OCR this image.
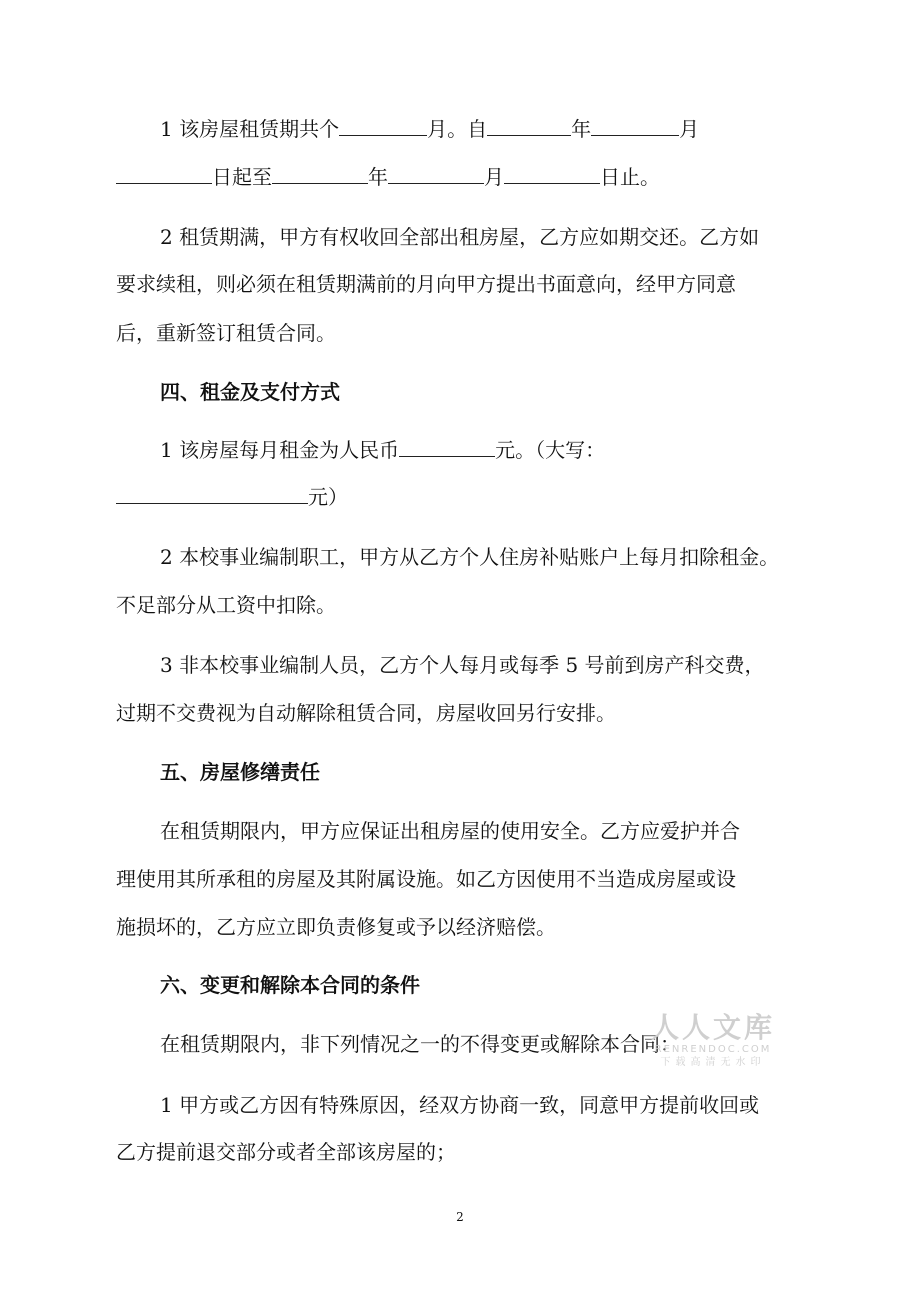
1 该房屋租赁期共个	月。自	年	月
日起至	年	月	日止。
2 租赁期满，甲方有权收回全部出租房屋，乙方应如期交还。乙方如
要求续租，则必须在租赁期满前的月向甲方提出书面意向，经甲方同意
后，重新签订租赁合同。
四、租金及支付方式
1 该房屋每月租金为人民币	元。（大写：
元）
2 本校事业编制职工，甲方从乙方个人住房补贴账户上每月扣除租金。
不足部分从工资中扣除。
3 非本校事业编制人员，乙方个人每月或每季 5 号前到房产科交费，
过期不交费视为自动解除租赁合同，房屋收回另行安排。
五、房屋修缮责任
在租赁期限内，甲方应保证出租房屋的使用安全。乙方应爱护并合
理使用其所承租的房屋及其附属设施。如乙方因使用不当造成房屋或设
施损坏的，乙方应立即负责修复或予以经济赔偿。
六、变更和解除本合同的条件
在租赁期限内，非下列情况之一的不得变更或解除本合同：
1 甲方或乙方因有特殊原因，经双方协商一致，同意甲方提前收回或
乙方提前退交部分或者全部该房屋的；
人人文库
RENRENDOC.COM
下载高清无水印
2
